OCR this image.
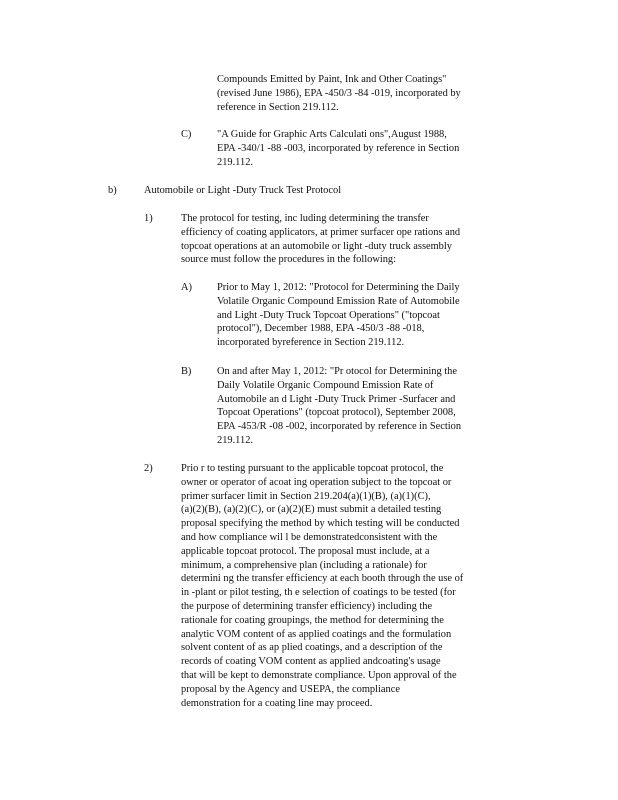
Compounds Emitted by Paint, Ink and Other Coatings"
(revised June 1986), EPA -450/3 -84 -019, incorporated by
reference in Section 219.112.
C) "A Guide for Graphic Arts Calculati ons",August 1988,
EPA -340/1 -88 -003, incorporated by reference in Section
219.112.
b)	Automobile or Light -Duty Truck Test Protocol
1)	The protocol for testing, inc luding determining the transfer
efficiency of coating applicators, at primer surfacer ope rations and
topcoat operations at an automobile or light -duty truck assembly
source must follow the procedures in the following:
A) Prior to May 1, 2012: "Protocol for Determining the Daily
Volatile Organic Compound Emission Rate of Automobile
and Light -Duty Truck Topcoat Operations" ("topcoat
protocol"), December 1988, EPA -450/3 -88 -018,
incorporated byreference in Section 219.112.
B) On and after May 1, 2012: "Pr otocol for Determining the
Daily Volatile Organic Compound Emission Rate of
Automobile an d Light -Duty Truck Primer -Surfacer and
Topcoat Operations" (topcoat protocol), September 2008,
EPA -453/R -08 -002, incorporated by reference in Section
219.112.
2)	Prio r to testing pursuant to the applicable topcoat protocol, the
owner or operator of acoat ing operation subject to the topcoat or
primer surfacer limit in Section 219.204(a)(1)(B), (a)(1)(C),
(a)(2)(B), (a)(2)(C), or (a)(2)(E) must submit a detailed testing
proposal specifying the method by which testing will be conducted
and how compliance wil l be demonstratedconsistent with the
applicable topcoat protocol. The proposal must include, at a
minimum, a comprehensive plan (including a rationale) for
determini ng the transfer efficiency at each booth through the use of
in -plant or pilot testing, th e selection of coatings to be tested (for
the purpose of determining transfer efficiency) including the
rationale for coating groupings, the method for determining the
analytic VOM content of as applied coatings and the formulation
solvent content of as ap plied coatings, and a description of the
records of coating VOM content as applied andcoating's usage
that will be kept to demonstrate compliance. Upon approval of the
proposal by the Agency and USEPA, the compliance
demonstration for a coating line may proceed.
